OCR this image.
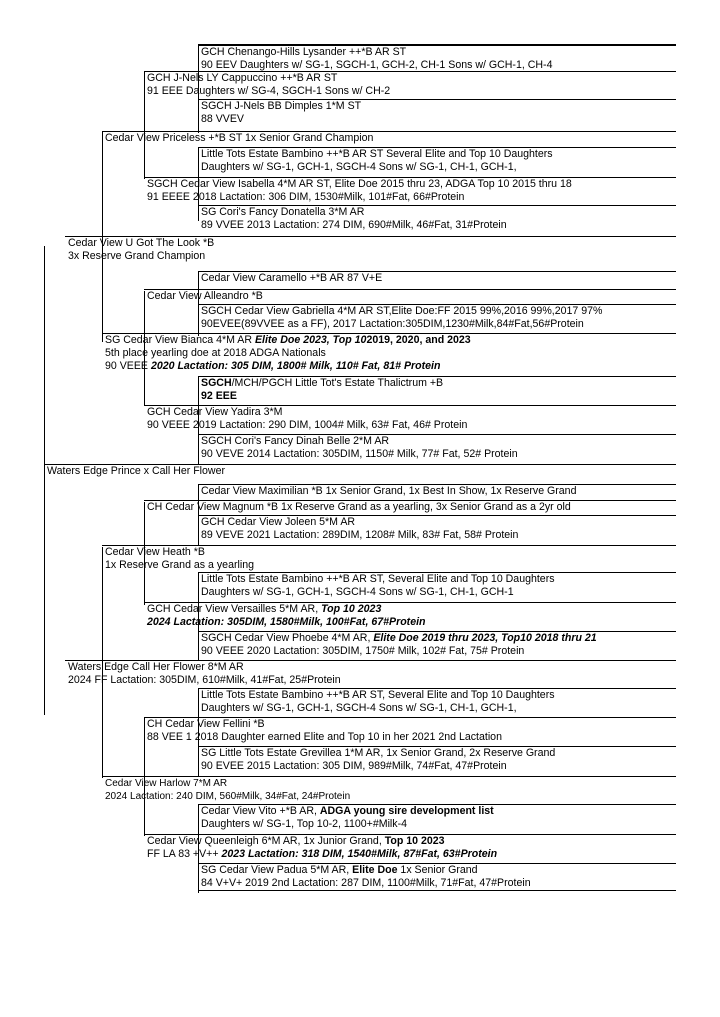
GCH Chenango-Hills Lysander ++*B AR ST
90 EEV Daughters w/ SG-1, SGCH-1, GCH-2, CH-1 Sons w/ GCH-1, CH-4
GCH J-Nels LY Cappuccino ++*B AR ST
91 EEE Daughters w/ SG-4, SGCH-1 Sons w/ CH-2
SGCH J-Nels BB Dimples 1*M ST
88 VVEV
Cedar View Priceless +*B ST 1x Senior Grand Champion
Little Tots Estate Bambino ++*B AR ST Several Elite and Top 10 Daughters
Daughters w/ SG-1, GCH-1, SGCH-4 Sons w/ SG-1, CH-1, GCH-1,
SGCH Cedar View Isabella 4*M AR ST, Elite Doe 2015 thru 23, ADGA Top 10 2015 thru 18
91 EEEE 2018 Lactation: 306 DIM, 1530#Milk, 101#Fat, 66#Protein
SG Cori's Fancy Donatella 3*M AR
89 VVEE 2013 Lactation: 274 DIM, 690#Milk, 46#Fat, 31#Protein
Cedar View U Got The Look *B
3x Reserve Grand Champion
Cedar View Caramello +*B AR 87 V+E
Cedar View Alleandro *B
SGCH Cedar View Gabriella 4*M AR ST,Elite Doe:FF 2015 99%,2016 99%,2017 97%
90EVEE(89VVEE as a FF), 2017 Lactation:305DIM,1230#Milk,84#Fat,56#Protein
SG Cedar View Bianca 4*M AR Elite Doe 2023, Top 102019, 2020, and 2023
5th place yearling doe at 2018 ADGA Nationals
90 VEEE 2020 Lactation: 305 DIM, 1800# Milk, 110# Fat, 81# Protein
SGCH/MCH/PGCH Little Tot's Estate Thalictrum +B
92 EEE
GCH Cedar View Yadira 3*M
90 VEEE 2019 Lactation: 290 DIM, 1004# Milk, 63# Fat, 46# Protein
SGCH Cori's Fancy Dinah Belle 2*M AR
90 VEVE 2014 Lactation: 305DIM, 1150# Milk, 77# Fat, 52# Protein
Waters Edge Prince x Call Her Flower
Cedar View Maximilian *B 1x Senior Grand, 1x Best In Show, 1x Reserve Grand
CH Cedar View Magnum *B 1x Reserve Grand as a yearling, 3x Senior Grand as a 2yr old
GCH Cedar View Joleen 5*M AR
89 VEVE 2021 Lactation: 289DIM, 1208# Milk, 83# Fat, 58# Protein
Cedar View Heath *B
1x Reserve Grand as a yearling
Little Tots Estate Bambino ++*B AR ST, Several Elite and Top 10 Daughters
Daughters w/ SG-1, GCH-1, SGCH-4 Sons w/ SG-1, CH-1, GCH-1
GCH Cedar View Versailles 5*M AR, Top 10 2023
2024 Lactation: 305DIM, 1580#Milk, 100#Fat, 67#Protein
SGCH Cedar View Phoebe 4*M AR, Elite Doe 2019 thru 2023, Top10 2018 thru 21
90 VEEE 2020 Lactation: 305DIM, 1750# Milk, 102# Fat, 75# Protein
Waters Edge Call Her Flower 8*M AR
2024 FF Lactation: 305DIM, 610#Milk, 41#Fat, 25#Protein
Little Tots Estate Bambino ++*B AR ST, Several Elite and Top 10 Daughters
Daughters w/ SG-1, GCH-1, SGCH-4 Sons w/ SG-1, CH-1, GCH-1,
CH Cedar View Fellini *B
88 VEE 1 2018 Daughter earned Elite and Top 10 in her 2021 2nd Lactation
SG Little Tots Estate Grevillea 1*M AR, 1x Senior Grand, 2x Reserve Grand
90 EVEE 2015 Lactation: 305 DIM, 989#Milk, 74#Fat, 47#Protein
Cedar View Harlow 7*M AR
2024 Lactation: 240 DIM, 560#Milk, 34#Fat, 24#Protein
Cedar View Vito +*B AR, ADGA young sire development list
Daughters w/ SG-1, Top 10-2, 1100+#Milk-4
Cedar View Queenleigh 6*M AR, 1x Junior Grand, Top 10 2023
FF LA 83 +V++ 2023 Lactation: 318 DIM, 1540#Milk, 87#Fat, 63#Protein
SG Cedar View Padua 5*M AR, Elite Doe 1x Senior Grand
84 V+V+ 2019 2nd Lactation: 287 DIM, 1100#Milk, 71#Fat, 47#Protein
